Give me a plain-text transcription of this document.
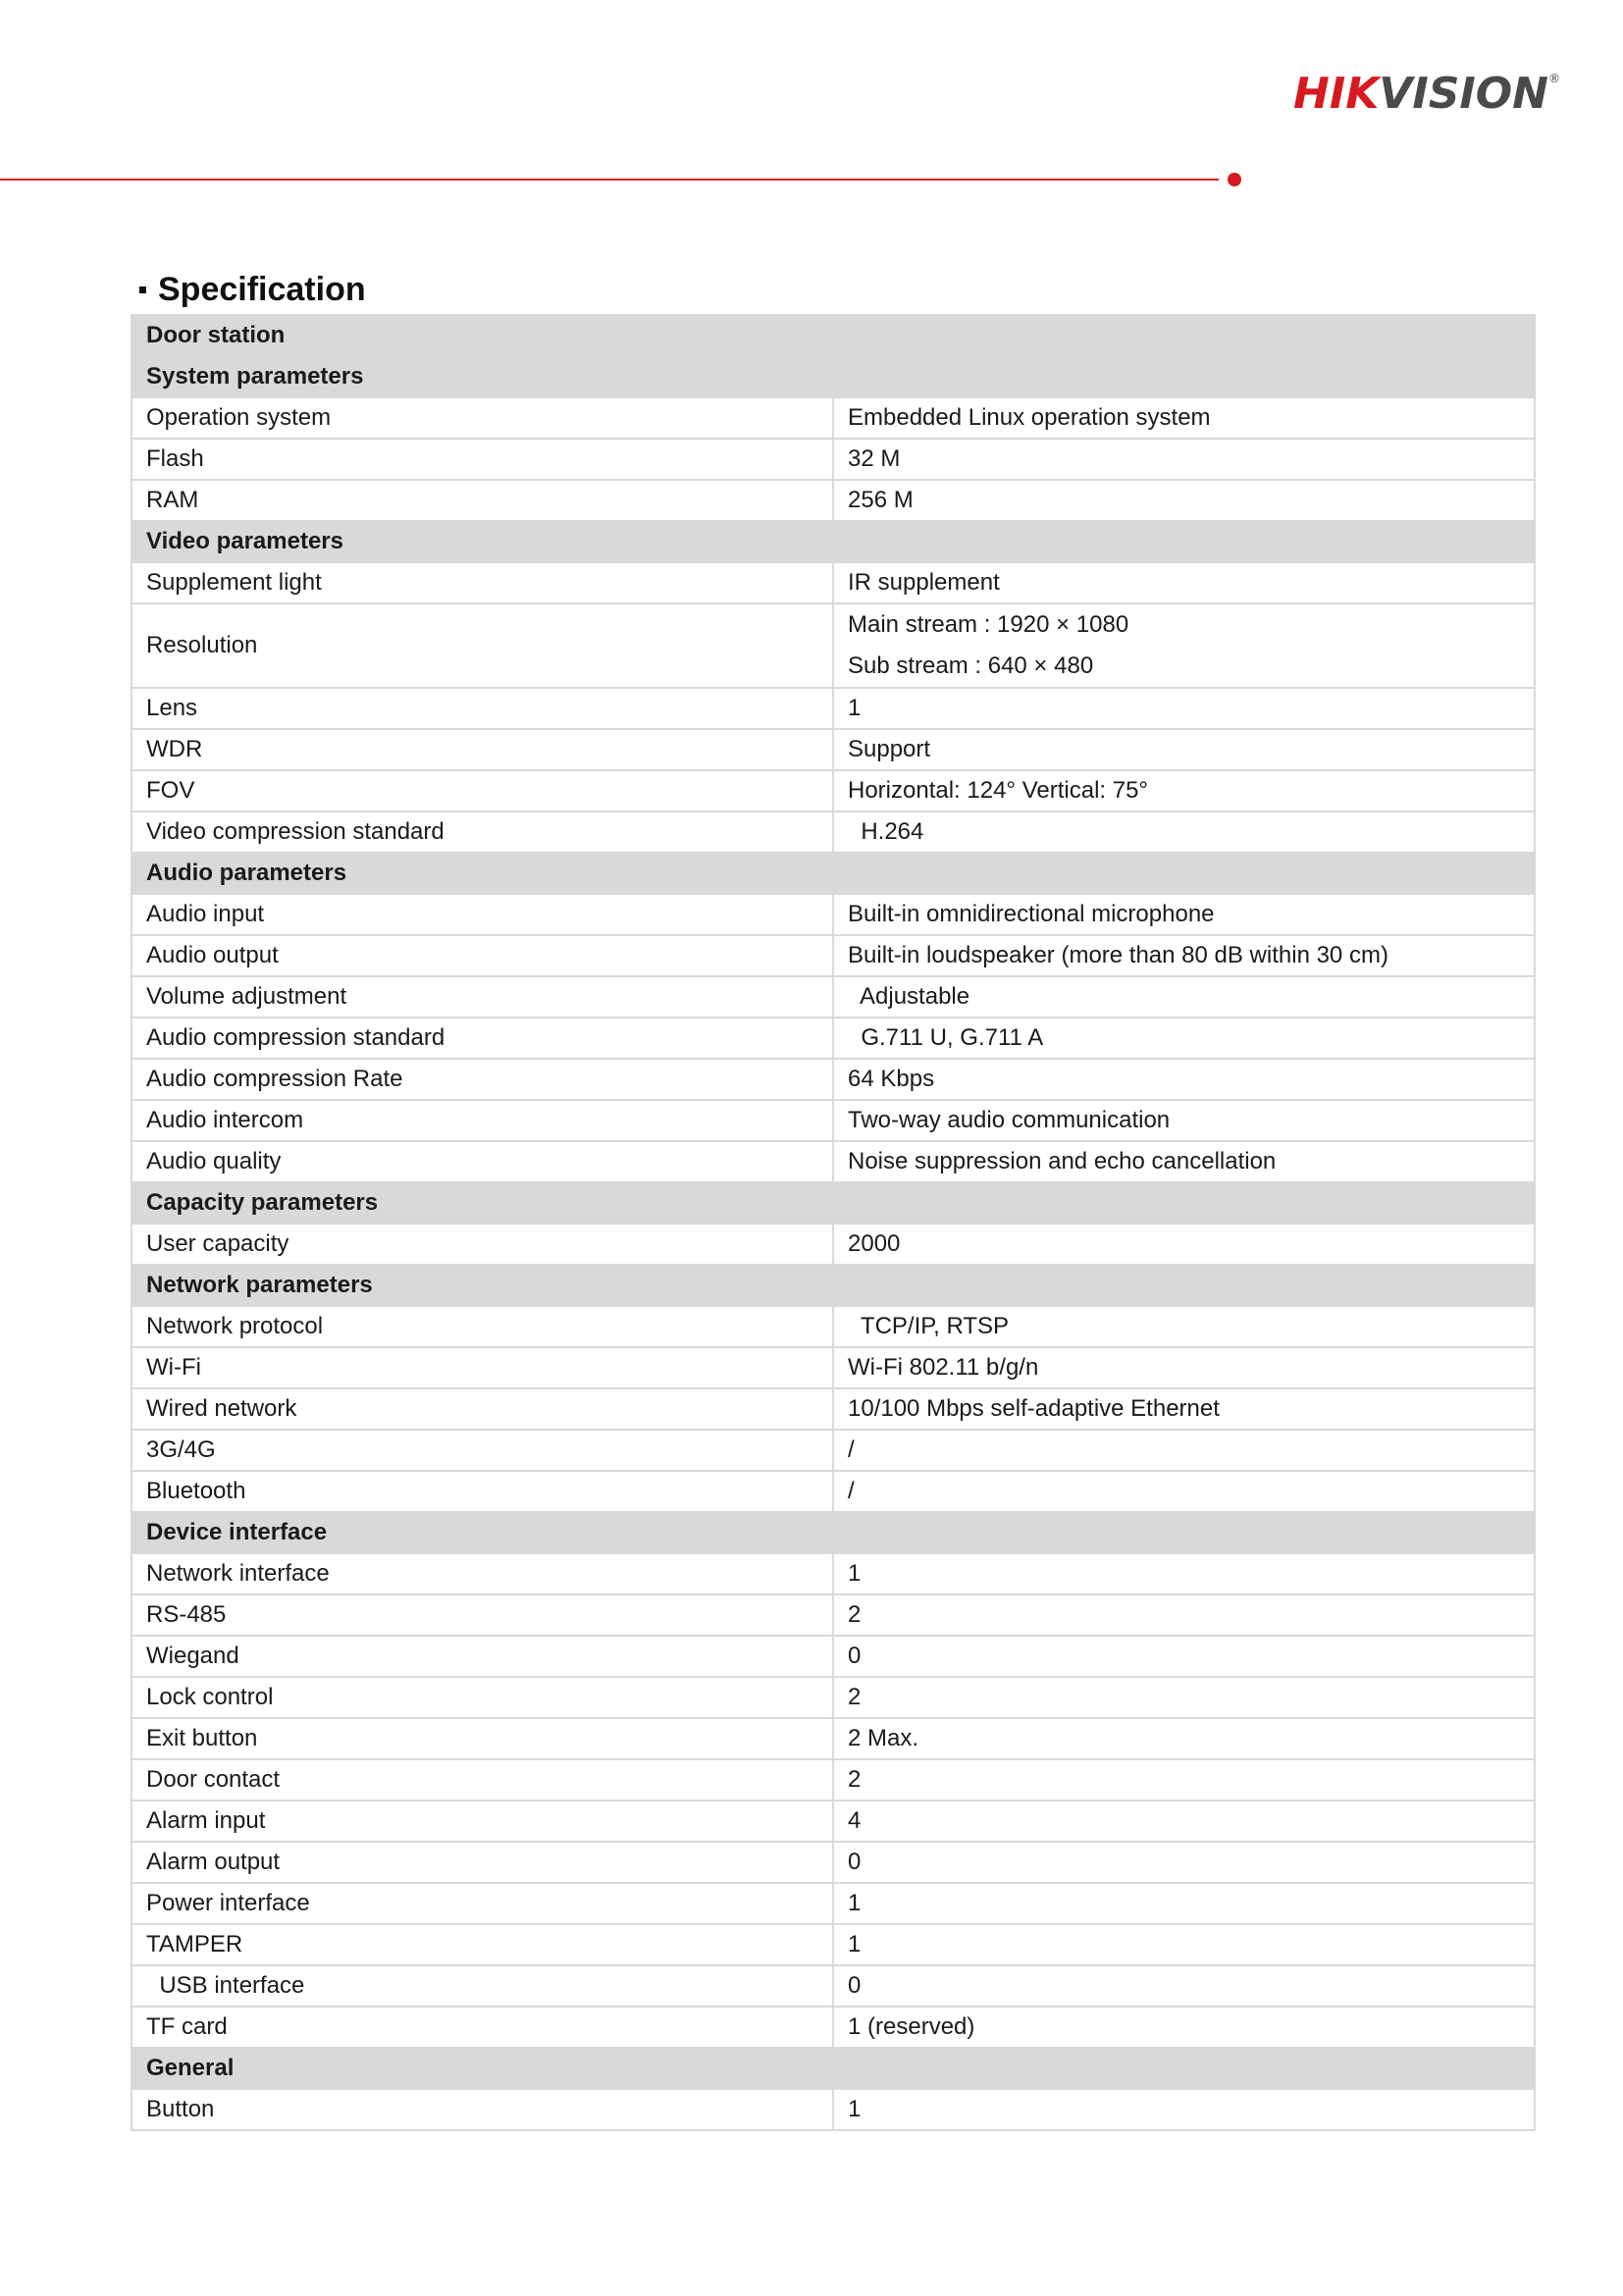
HIKVISION®
Specification
Door station	
System parameters	
Operation system	Embedded Linux operation system
Flash	32 M
RAM	256 M
Video parameters	
Supplement light	IR supplement
Resolution	Main stream : 1920 × 1080
Sub stream : 640 × 480

Lens	1
WDR	Support
FOV	Horizontal: 124° Vertical: 75°
Video compression standard	H.264
Audio parameters	
Audio input	Built-in omnidirectional microphone
Audio output	Built-in loudspeaker (more than 80 dB within 30 cm)
Volume adjustment	Adjustable
Audio compression standard	G.711 U, G.711 A
Audio compression Rate	64 Kbps
Audio intercom	Two-way audio communication
Audio quality	Noise suppression and echo cancellation
Capacity parameters	
User capacity	2000
Network parameters	
Network protocol	TCP/IP, RTSP
Wi-Fi	Wi-Fi 802.11 b/g/n
Wired network	10/100 Mbps self-adaptive Ethernet
3G/4G	/
Bluetooth	/
Device interface	
Network interface	1
RS-485	2
Wiegand	0
Lock control	2
Exit button	2 Max.
Door contact	2
Alarm input	4
Alarm output	0
Power interface	1
TAMPER	1
USB interface	0
TF card	1 (reserved)
General	
Button	1
